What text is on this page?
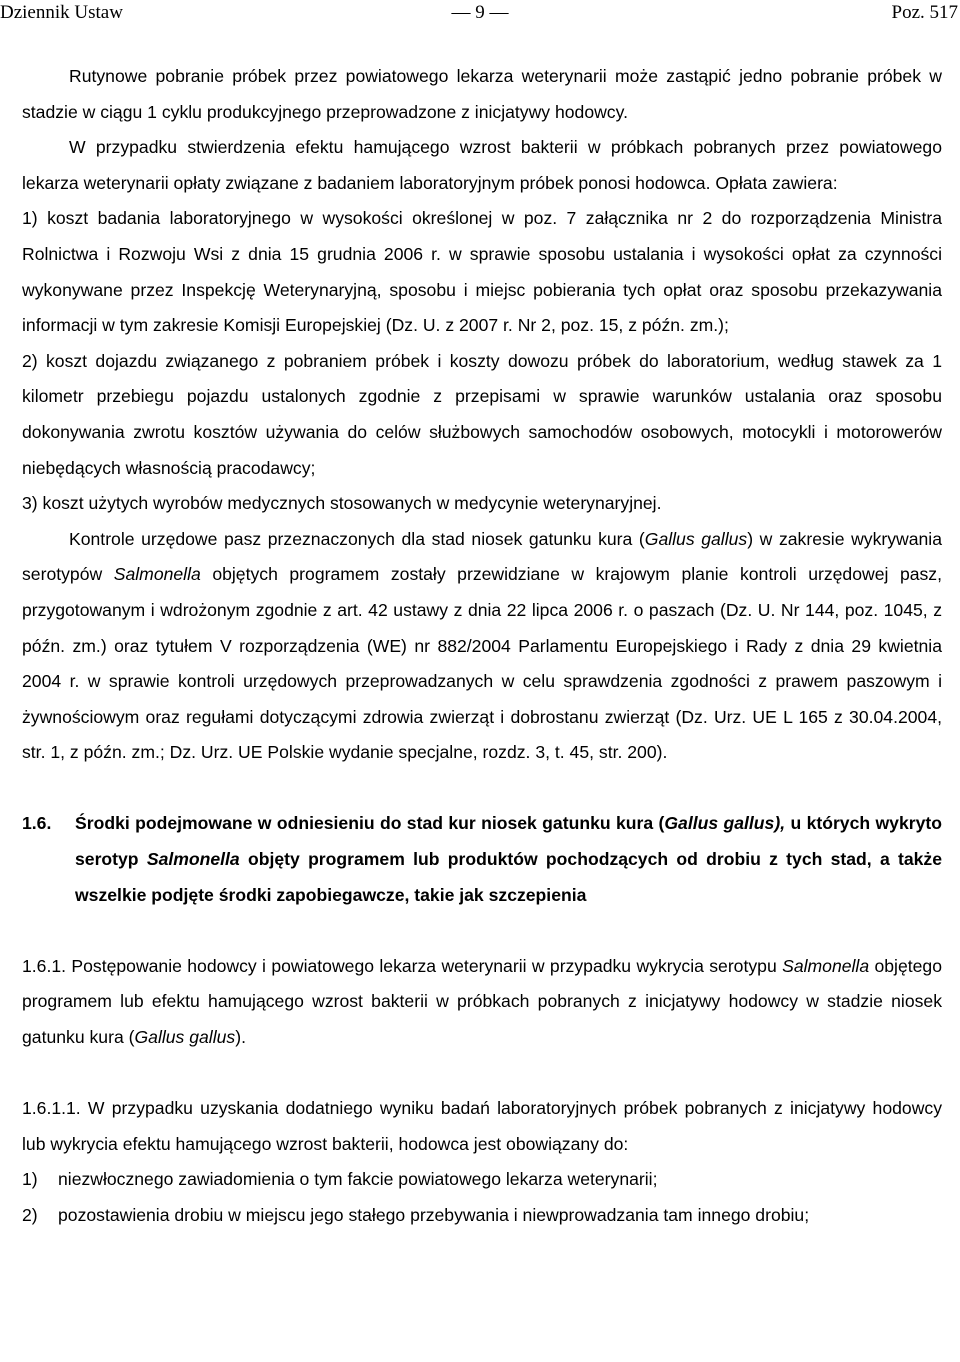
Dziennik Ustaw	— 9 —	Poz. 517

Rutynowe pobranie próbek przez powiatowego lekarza weterynarii może zastąpić jedno pobranie próbek w stadzie w ciągu 1 cyklu produkcyjnego przeprowadzone z inicjatywy hodowcy.

W przypadku stwierdzenia efektu hamującego wzrost bakterii w próbkach pobranych przez powiatowego lekarza weterynarii opłaty związane z badaniem laboratoryjnym próbek ponosi hodowca. Opłata zawiera:

1) koszt badania laboratoryjnego w wysokości określonej w poz. 7 załącznika nr 2 do rozporządzenia Ministra Rolnictwa i Rozwoju Wsi z dnia 15 grudnia 2006 r. w sprawie sposobu ustalania i wysokości opłat za czynności wykonywane przez Inspekcję Weterynaryjną, sposobu i miejsc pobierania tych opłat oraz sposobu przekazywania informacji w tym zakresie Komisji Europejskiej (Dz. U. z 2007 r. Nr 2, poz. 15, z późn. zm.);

2) koszt dojazdu związanego z pobraniem próbek i koszty dowozu próbek do laboratorium, według stawek za 1 kilometr przebiegu pojazdu ustalonych zgodnie z przepisami w sprawie warunków ustalania oraz sposobu dokonywania zwrotu kosztów używania do celów służbowych samochodów osobowych, motocykli i motorowerów niebędących własnością pracodawcy;

3) koszt użytych wyrobów medycznych stosowanych w medycynie weterynaryjnej.

Kontrole urzędowe pasz przeznaczonych dla stad niosek gatunku kura (Gallus gallus) w zakresie wykrywania serotypów Salmonella objętych programem zostały przewidziane w krajowym planie kontroli urzędowej pasz, przygotowanym i wdrożonym zgodnie z art. 42 ustawy z dnia 22 lipca 2006 r. o paszach (Dz. U. Nr 144, poz. 1045, z późn. zm.) oraz tytułem V rozporządzenia (WE) nr 882/2004 Parlamentu Europejskiego i Rady z dnia 29 kwietnia 2004 r. w sprawie kontroli urzędowych przeprowadzanych w celu sprawdzenia zgodności z prawem paszowym i żywnościowym oraz regułami dotyczącymi zdrowia zwierząt i dobrostanu zwierząt (Dz. Urz. UE L 165 z 30.04.2004, str. 1, z późn. zm.; Dz. Urz. UE Polskie wydanie specjalne, rozdz. 3, t. 45, str. 200).

1.6.	Środki podejmowane w odniesieniu do stad kur niosek gatunku kura (Gallus gallus), u których wykryto serotyp Salmonella objęty programem lub produktów pochodzących od drobiu z tych stad, a także wszelkie podjęte środki zapobiegawcze, takie jak szczepienia

1.6.1. Postępowanie hodowcy i powiatowego lekarza weterynarii w przypadku wykrycia serotypu Salmonella objętego programem lub efektu hamującego wzrost bakterii w próbkach pobranych z inicjatywy hodowcy w stadzie niosek gatunku kura (Gallus gallus).

1.6.1.1. W przypadku uzyskania dodatniego wyniku badań laboratoryjnych próbek pobranych z inicjatywy hodowcy lub wykrycia efektu hamującego wzrost bakterii, hodowca jest obowiązany do:

1)	niezwłocznego zawiadomienia o tym fakcie powiatowego lekarza weterynarii;
2)	pozostawienia drobiu w miejscu jego stałego przebywania i niewprowadzania tam innego drobiu;
